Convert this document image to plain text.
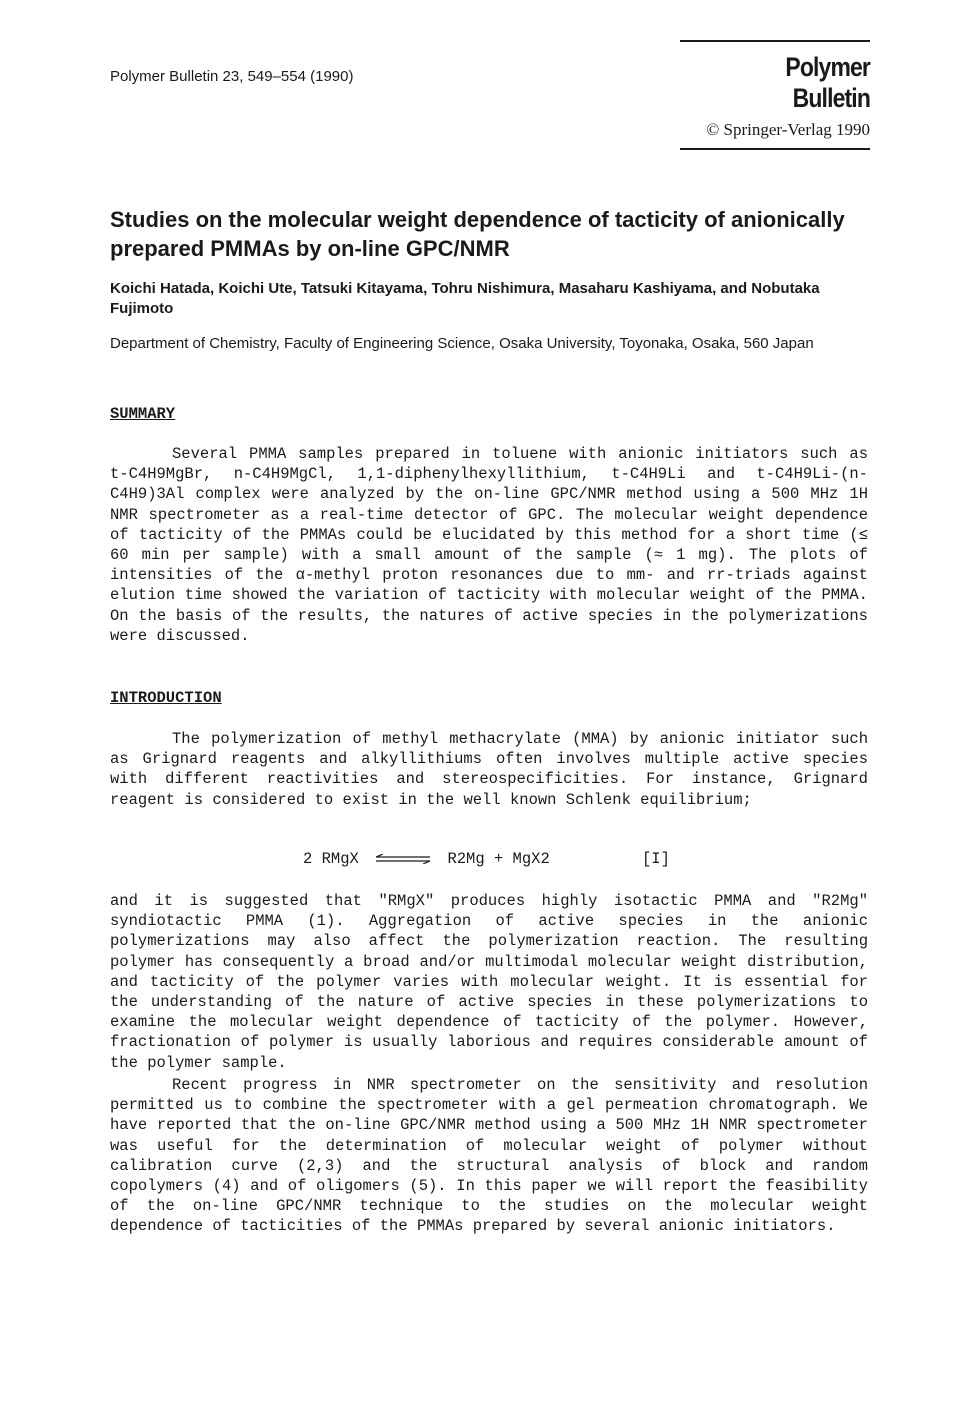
Polymer Bulletin 23, 549–554 (1990)	Polymer Bulletin
© Springer-Verlag 1990
Studies on the molecular weight dependence of tacticity of anionically prepared PMMAs by on-line GPC/NMR

Koichi Hatada, Koichi Ute, Tatsuki Kitayama, Tohru Nishimura, Masaharu Kashiyama, and Nobutaka Fujimoto

Department of Chemistry, Faculty of Engineering Science, Osaka University, Toyonaka, Osaka, 560 Japan

SUMMARY

Several PMMA samples prepared in toluene with anionic initiators such as t-C4H9MgBr, n-C4H9MgCl, 1,1-diphenylhexyllithium, t-C4H9Li and t-C4H9Li-(n-C4H9)3Al complex were analyzed by the on-line GPC/NMR method using a 500 MHz 1H NMR spectrometer as a real-time detector of GPC. The molecular weight dependence of tacticity of the PMMAs could be elucidated by this method for a short time (≤ 60 min per sample) with a small amount of the sample (≈ 1 mg). The plots of intensities of the α-methyl proton resonances due to mm- and rr-triads against elution time showed the variation of tacticity with molecular weight of the PMMA. On the basis of the results, the natures of active species in the polymerizations were discussed.

INTRODUCTION

The polymerization of methyl methacrylate (MMA) by anionic initiator such as Grignard reagents and alkyllithiums often involves multiple active species with different reactivities and stereospecificities. For instance, Grignard reagent is considered to exist in the well known Schlenk equilibrium;

2 RMgX ⇌ R2Mg + MgX2	[I]

and it is suggested that "RMgX" produces highly isotactic PMMA and "R2Mg" syndiotactic PMMA (1). Aggregation of active species in the anionic polymerizations may also affect the polymerization reaction. The resulting polymer has consequently a broad and/or multimodal molecular weight distribution, and tacticity of the polymer varies with molecular weight. It is essential for the understanding of the nature of active species in these polymerizations to examine the molecular weight dependence of tacticity of the polymer. However, fractionation of polymer is usually laborious and requires considerable amount of the polymer sample.

Recent progress in NMR spectrometer on the sensitivity and resolution permitted us to combine the spectrometer with a gel permeation chromatograph. We have reported that the on-line GPC/NMR method using a 500 MHz 1H NMR spectrometer was useful for the determination of molecular weight of polymer without calibration curve (2,3) and the structural analysis of block and random copolymers (4) and of oligomers (5). In this paper we will report the feasibility of the on-line GPC/NMR technique to the studies on the molecular weight dependence of tacticities of the PMMAs prepared by several anionic initiators.
